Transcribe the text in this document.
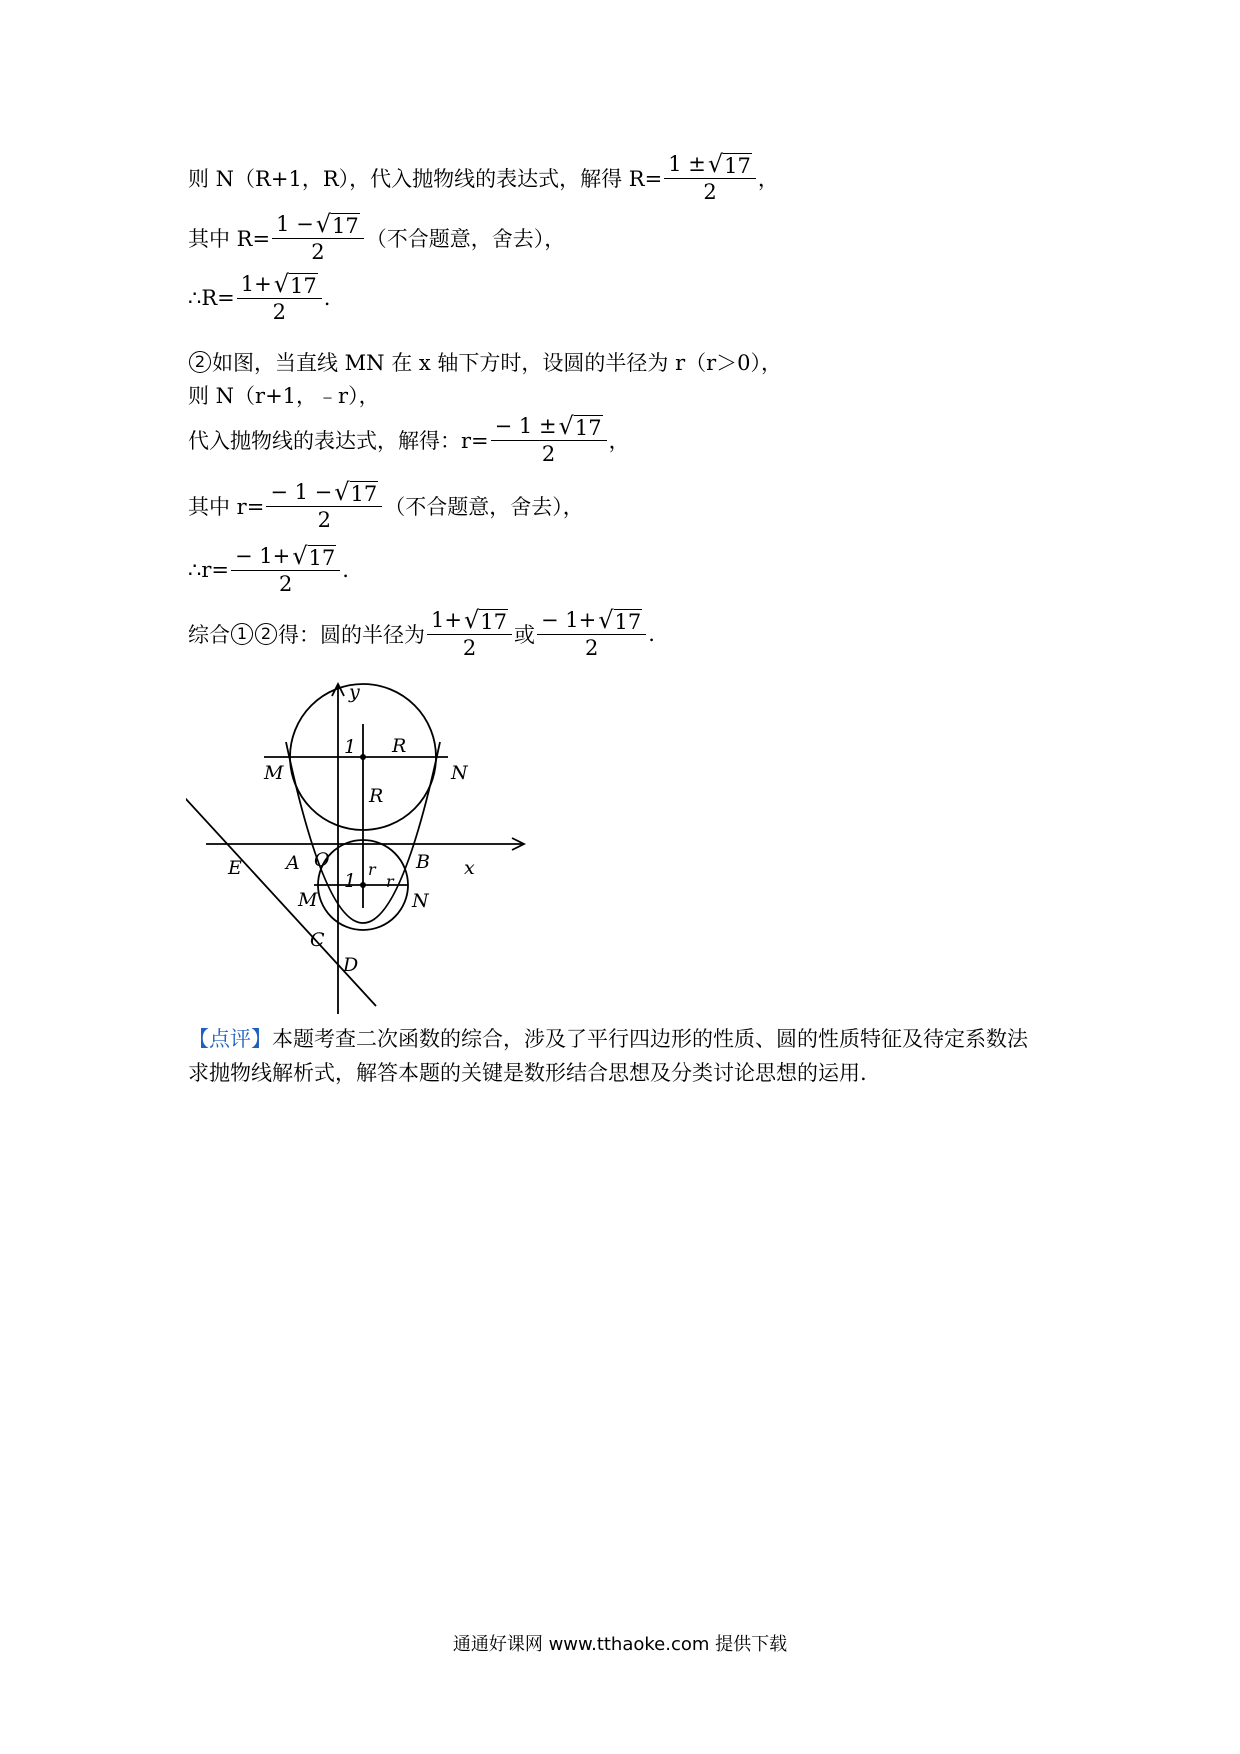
则 N（R+1，R），代入抛物线的表达式，解得 $R= \frac{1 \pm √ 17}{2}$ ，
其中 $R= \frac{1 - √ 17}{2}$ （不合题意，舍去），
∴R= $\frac{1+ √ 17}{2}$ .
2 如图，当直线 MN 在 x 轴下方时，设圆的半径为 r（r＞0），
则 N（r+1，﹣r），
代入抛物线的表达式，解得：$r= \frac{- 1 \pm √ 17}{2}$ ，
其中 $r= \frac{- 1 - √ 17}{2}$ （不合题意，舍去），
∴r= $\frac{- 1+ √ 17}{2}$ .
综合 1 2 得：圆的半径为 $\frac{1+ √ 17}{2}$ 或 $\frac{- 1+ √ 17}{2}$ .
y
x
1 R
M	N
R
E A O	B
1
r
r
M	N
C
D
【点评】 本题考查二次函数的综合，涉及了平行四边形的性质、圆的性质特征及待定系数法
求抛物线解析式，解答本题的关键是数形结合思想及分类讨论思想的运用.
通通好课网 www.tthaoke.com 提供下载
